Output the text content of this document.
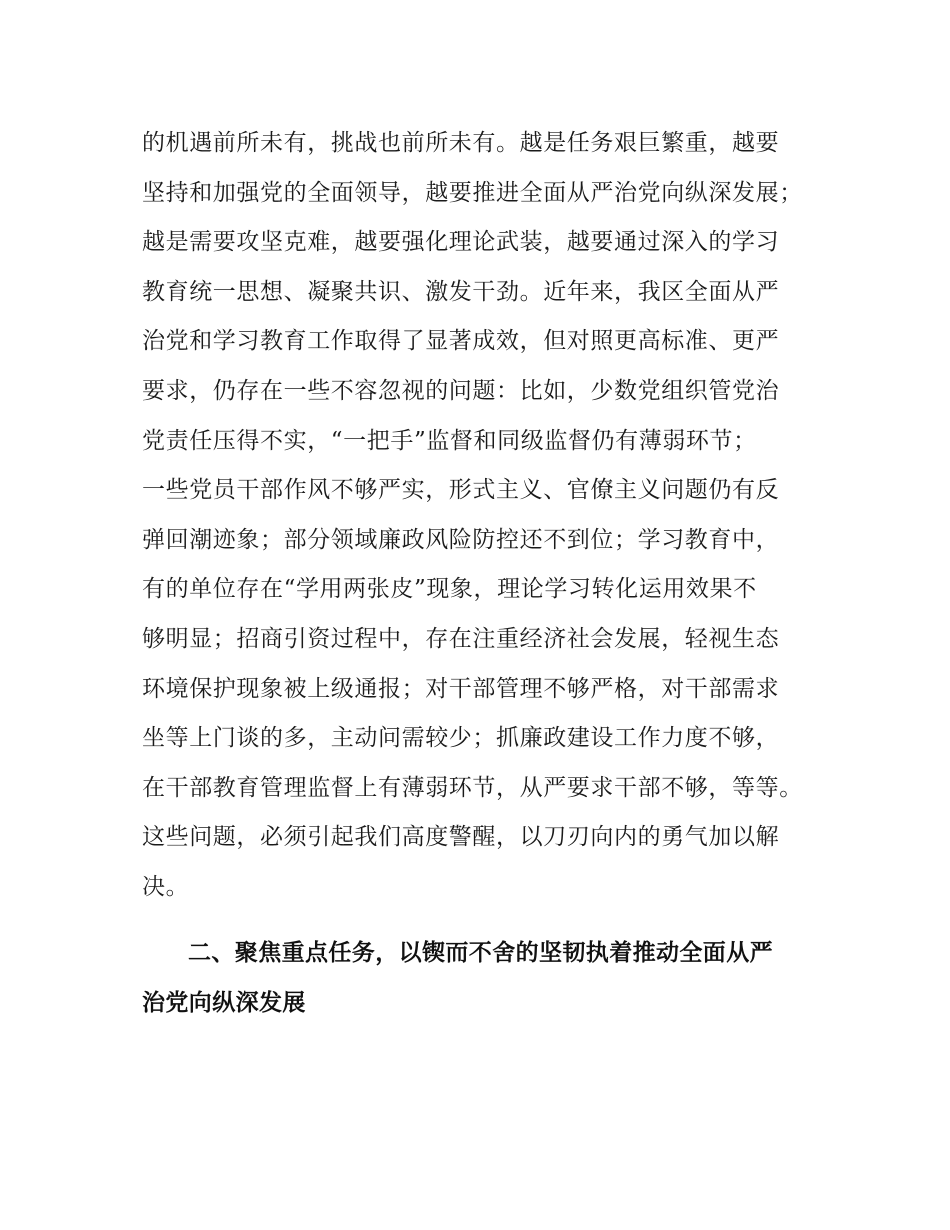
的机遇前所未有，挑战也前所未有。越是任务艰巨繁重，越要
坚持和加强党的全面领导，越要推进全面从严治党向纵深发展；
越是需要攻坚克难，越要强化理论武装，越要通过深入的学习
教育统一思想、凝聚共识、激发干劲。近年来，我区全面从严
治党和学习教育工作取得了显著成效，但对照更高标准、更严
要求，仍存在一些不容忽视的问题：比如，少数党组织管党治
党责任压得不实，“一把手”监督和同级监督仍有薄弱环节；
一些党员干部作风不够严实，形式主义、官僚主义问题仍有反
弹回潮迹象；部分领域廉政风险防控还不到位；学习教育中，
有的单位存在“学用两张皮”现象，理论学习转化运用效果不
够明显；招商引资过程中，存在注重经济社会发展，轻视生态
环境保护现象被上级通报；对干部管理不够严格，对干部需求
坐等上门谈的多，主动问需较少；抓廉政建设工作力度不够，
在干部教育管理监督上有薄弱环节，从严要求干部不够，等等。
这些问题，必须引起我们高度警醒，以刀刃向内的勇气加以解
决。
二、聚焦重点任务，以锲而不舍的坚韧执着推动全面从严
治党向纵深发展
